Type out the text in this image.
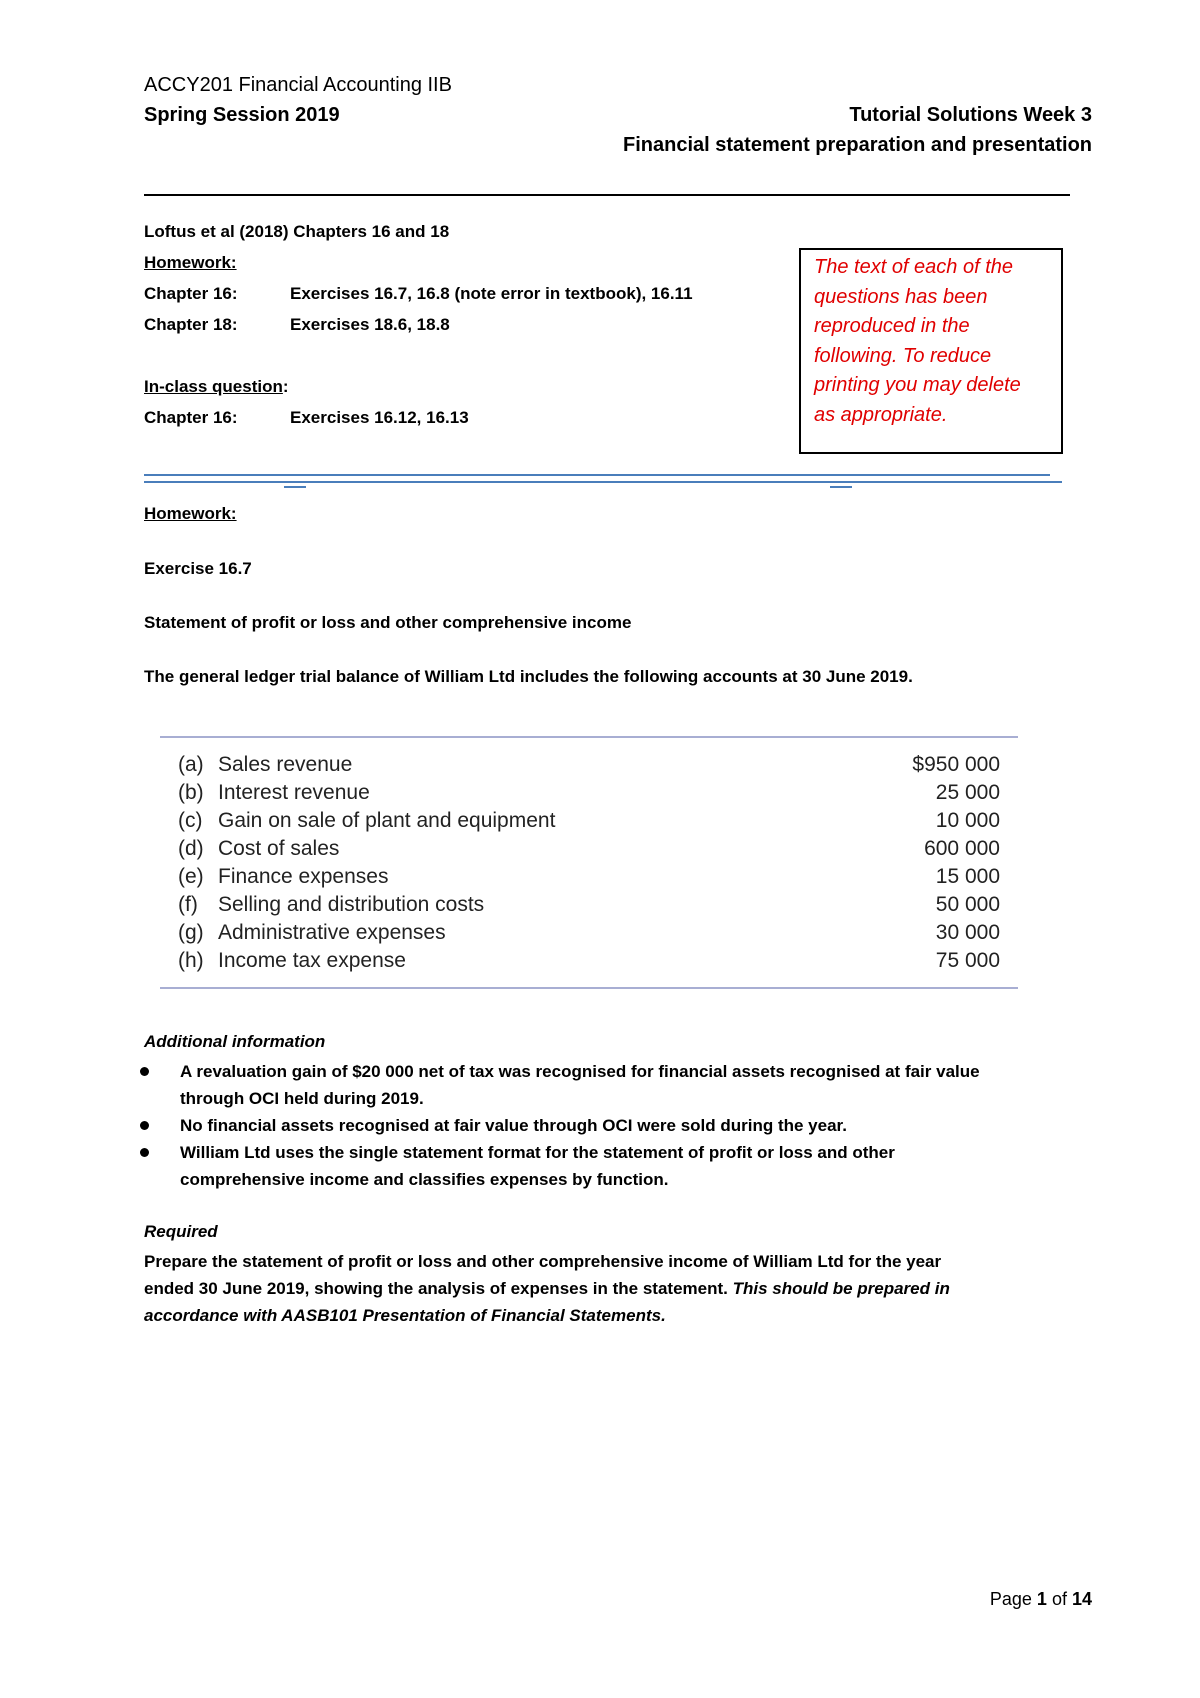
ACCY201 Financial Accounting IIB
Spring Session 2019	Tutorial Solutions Week 3
Financial statement preparation and presentation
Loftus et al (2018) Chapters 16 and 18
Homework:
Chapter 16:	Exercises 16.7, 16.8 (note error in textbook), 16.11
Chapter 18:	Exercises 18.6, 18.8
In-class question:
Chapter 16:	Exercises 16.12, 16.13
The text of each of the
questions has been
reproduced in the
following. To reduce
printing you may delete
as appropriate.
Homework:
Exercise 16.7
Statement of profit or loss and other comprehensive income
The general ledger trial balance of William Ltd includes the following accounts at 30 June 2019.
(a) Sales revenue	$950 000
(b) Interest revenue	25 000
(c) Gain on sale of plant and equipment	10 000
(d) Cost of sales	600 000
(e) Finance expenses	15 000
(f) Selling and distribution costs	50 000
(g) Administrative expenses	30 000
(h) Income tax expense	75 000
Additional information
A revaluation gain of $20 000 net of tax was recognised for financial assets recognised at fair value
through OCI held during 2019.
No financial assets recognised at fair value through OCI were sold during the year.
William Ltd uses the single statement format for the statement of profit or loss and other
comprehensive income and classifies expenses by function.
Required
Prepare the statement of profit or loss and other comprehensive income of William Ltd for the year
ended 30 June 2019, showing the analysis of expenses in the statement. This should be prepared in
accordance with AASB101 Presentation of Financial Statements.
Page 1 of 14
